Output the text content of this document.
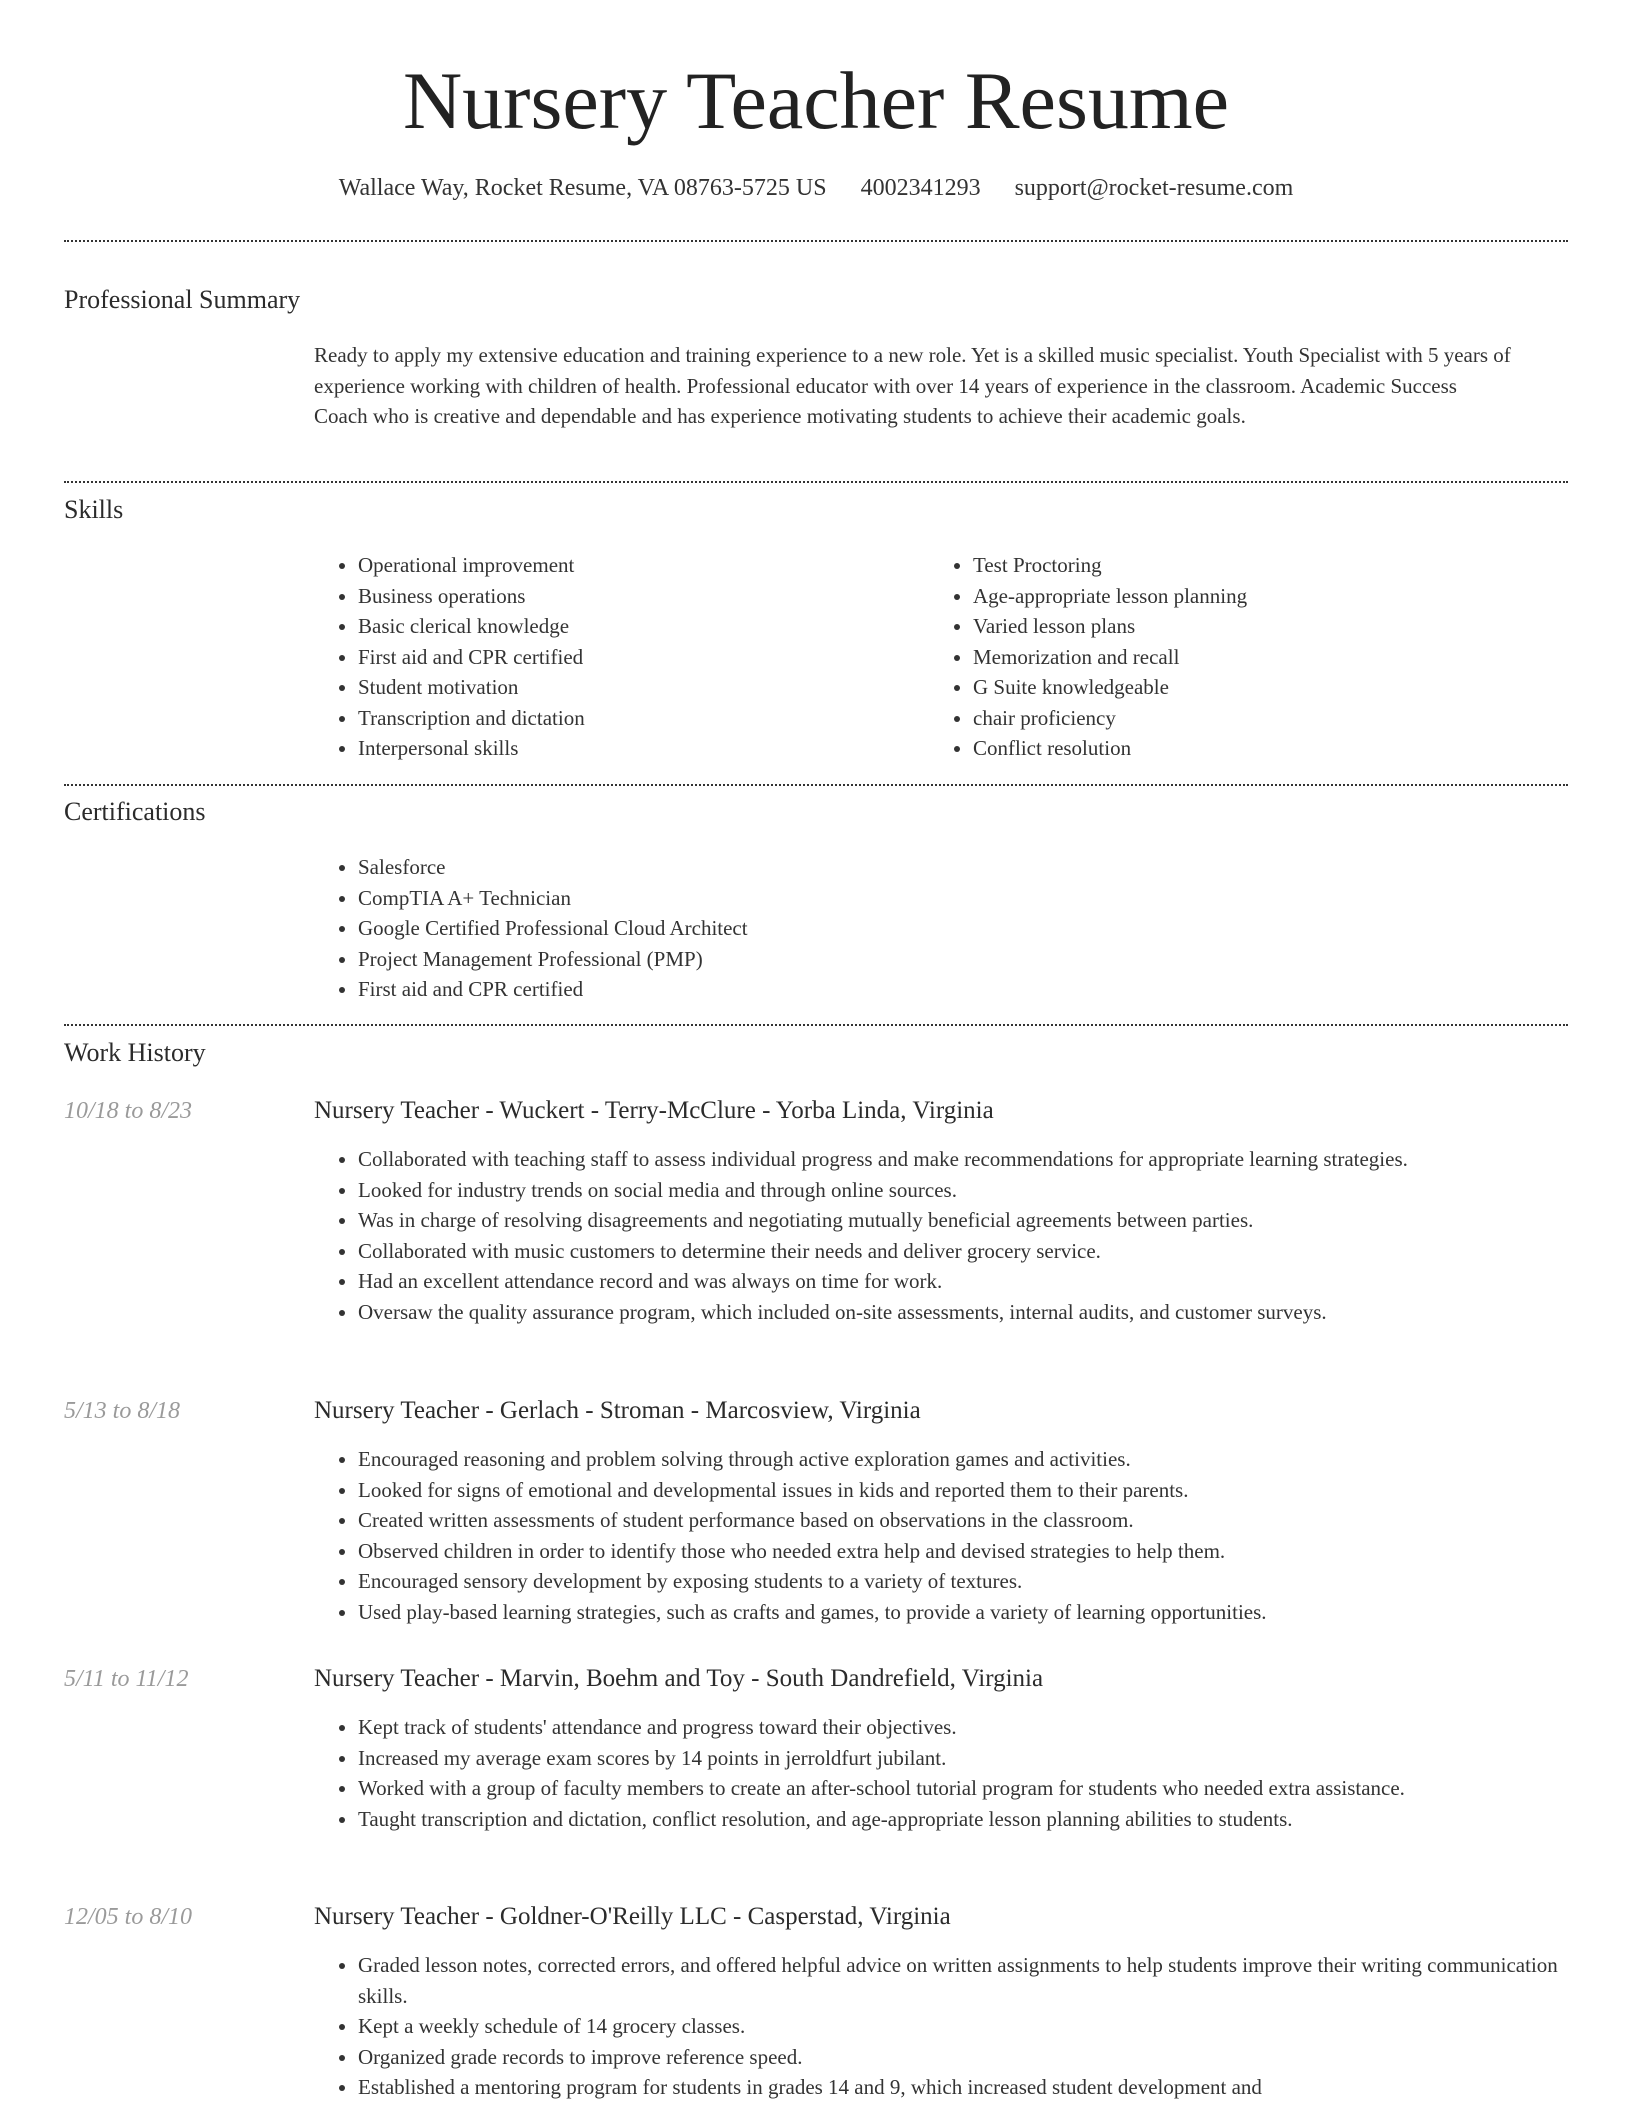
Nursery Teacher Resume
Wallace Way, Rocket Resume, VA 08763-5725 US 4002341293 support@rocket-resume.com
Professional Summary

Ready to apply my extensive education and training experience to a new role. Yet is a skilled music specialist. Youth Specialist with 5 years of experience working with children of health. Professional educator with over 14 years of experience in the classroom. Academic Success Coach who is creative and dependable and has experience motivating students to achieve their academic goals.

Skills
• Operational improvement
• Business operations
• Basic clerical knowledge
• First aid and CPR certified
• Student motivation
• Transcription and dictation
• Interpersonal skills
• Test Proctoring
• Age-appropriate lesson planning
• Varied lesson plans
• Memorization and recall
• G Suite knowledgeable
• chair proficiency
• Conflict resolution
Certifications
• Salesforce
• CompTIA A+ Technician
• Google Certified Professional Cloud Architect
• Project Management Professional (PMP)
• First aid and CPR certified
Work History
10/18 to 8/23	Nursery Teacher - Wuckert - Terry-McClure - Yorba Linda, Virginia
• Collaborated with teaching staff to assess individual progress and make recommendations for appropriate learning strategies.
• Looked for industry trends on social media and through online sources.
• Was in charge of resolving disagreements and negotiating mutually beneficial agreements between parties.
• Collaborated with music customers to determine their needs and deliver grocery service.
• Had an excellent attendance record and was always on time for work.
• Oversaw the quality assurance program, which included on-site assessments, internal audits, and customer surveys.
5/13 to 8/18	Nursery Teacher - Gerlach - Stroman - Marcosview, Virginia
• Encouraged reasoning and problem solving through active exploration games and activities.
• Looked for signs of emotional and developmental issues in kids and reported them to their parents.
• Created written assessments of student performance based on observations in the classroom.
• Observed children in order to identify those who needed extra help and devised strategies to help them.
• Encouraged sensory development by exposing students to a variety of textures.
• Used play-based learning strategies, such as crafts and games, to provide a variety of learning opportunities.
5/11 to 11/12	Nursery Teacher - Marvin, Boehm and Toy - South Dandrefield, Virginia
• Kept track of students' attendance and progress toward their objectives.
• Increased my average exam scores by 14 points in jerroldfurt jubilant.
• Worked with a group of faculty members to create an after-school tutorial program for students who needed extra assistance.
• Taught transcription and dictation, conflict resolution, and age-appropriate lesson planning abilities to students.
12/05 to 8/10	Nursery Teacher - Goldner-O'Reilly LLC - Casperstad, Virginia
• Graded lesson notes, corrected errors, and offered helpful advice on written assignments to help students improve their writing communication skills.
• Kept a weekly schedule of 14 grocery classes.
• Organized grade records to improve reference speed.
• Established a mentoring program for students in grades 14 and 9, which increased student development and
